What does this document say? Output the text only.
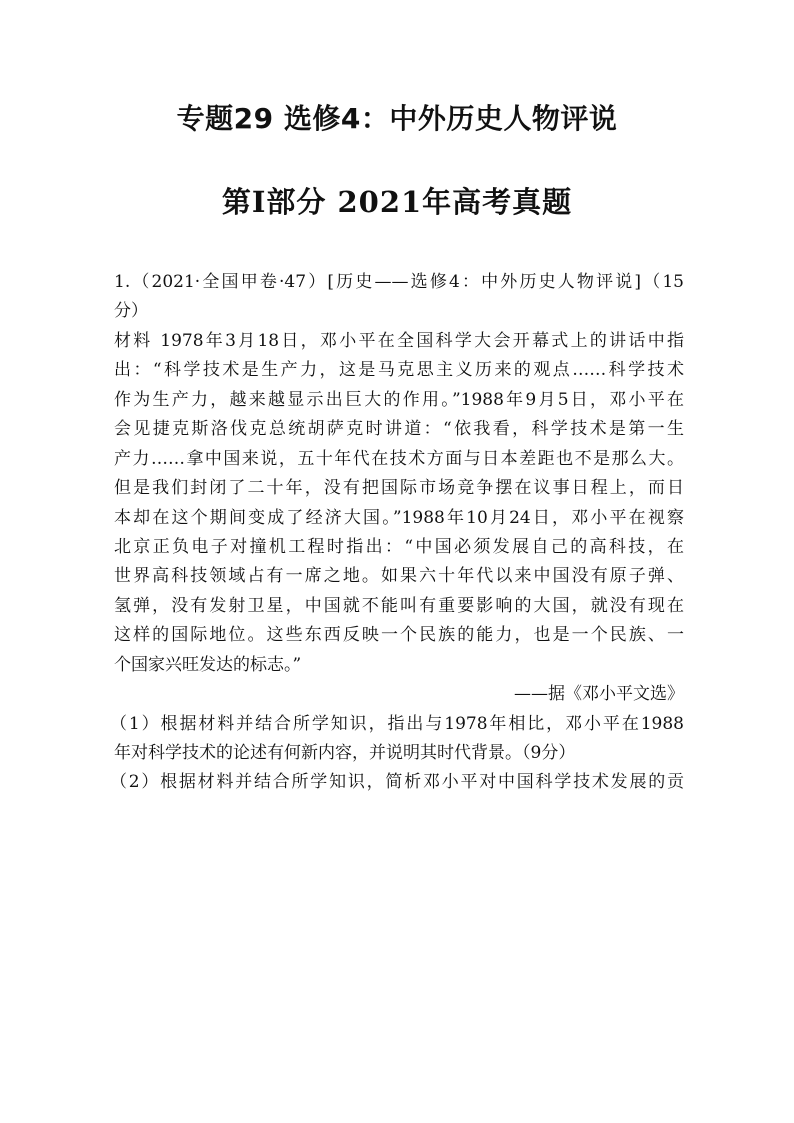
专题29 选修4：中外历史人物评说
第Ⅰ部分 2021年高考真题
1.（2021·全国甲卷·47）[历史——选修4：中外历史人物评说]（15
分）
材料 1978年3月18日，邓小平在全国科学大会开幕式上的讲话中指
出：“科学技术是生产力，这是马克思主义历来的观点……科学技术
作为生产力，越来越显示出巨大的作用。”1988年9月5日，邓小平在
会见捷克斯洛伐克总统胡萨克时讲道：“依我看，科学技术是第一生
产力……拿中国来说，五十年代在技术方面与日本差距也不是那么大。
但是我们封闭了二十年，没有把国际市场竞争摆在议事日程上，而日
本却在这个期间变成了经济大国。”1988年10月24日，邓小平在视察
北京正负电子对撞机工程时指出：“中国必须发展自己的高科技，在
世界高科技领域占有一席之地。如果六十年代以来中国没有原子弹、
氢弹，没有发射卫星，中国就不能叫有重要影响的大国，就没有现在
这样的国际地位。这些东西反映一个民族的能力，也是一个民族、一
个国家兴旺发达的标志。”
——据《邓小平文选》
（1）根据材料并结合所学知识，指出与1978年相比，邓小平在1988
年对科学技术的论述有何新内容，并说明其时代背景。（9分）
（2）根据材料并结合所学知识，简析邓小平对中国科学技术发展的贡
